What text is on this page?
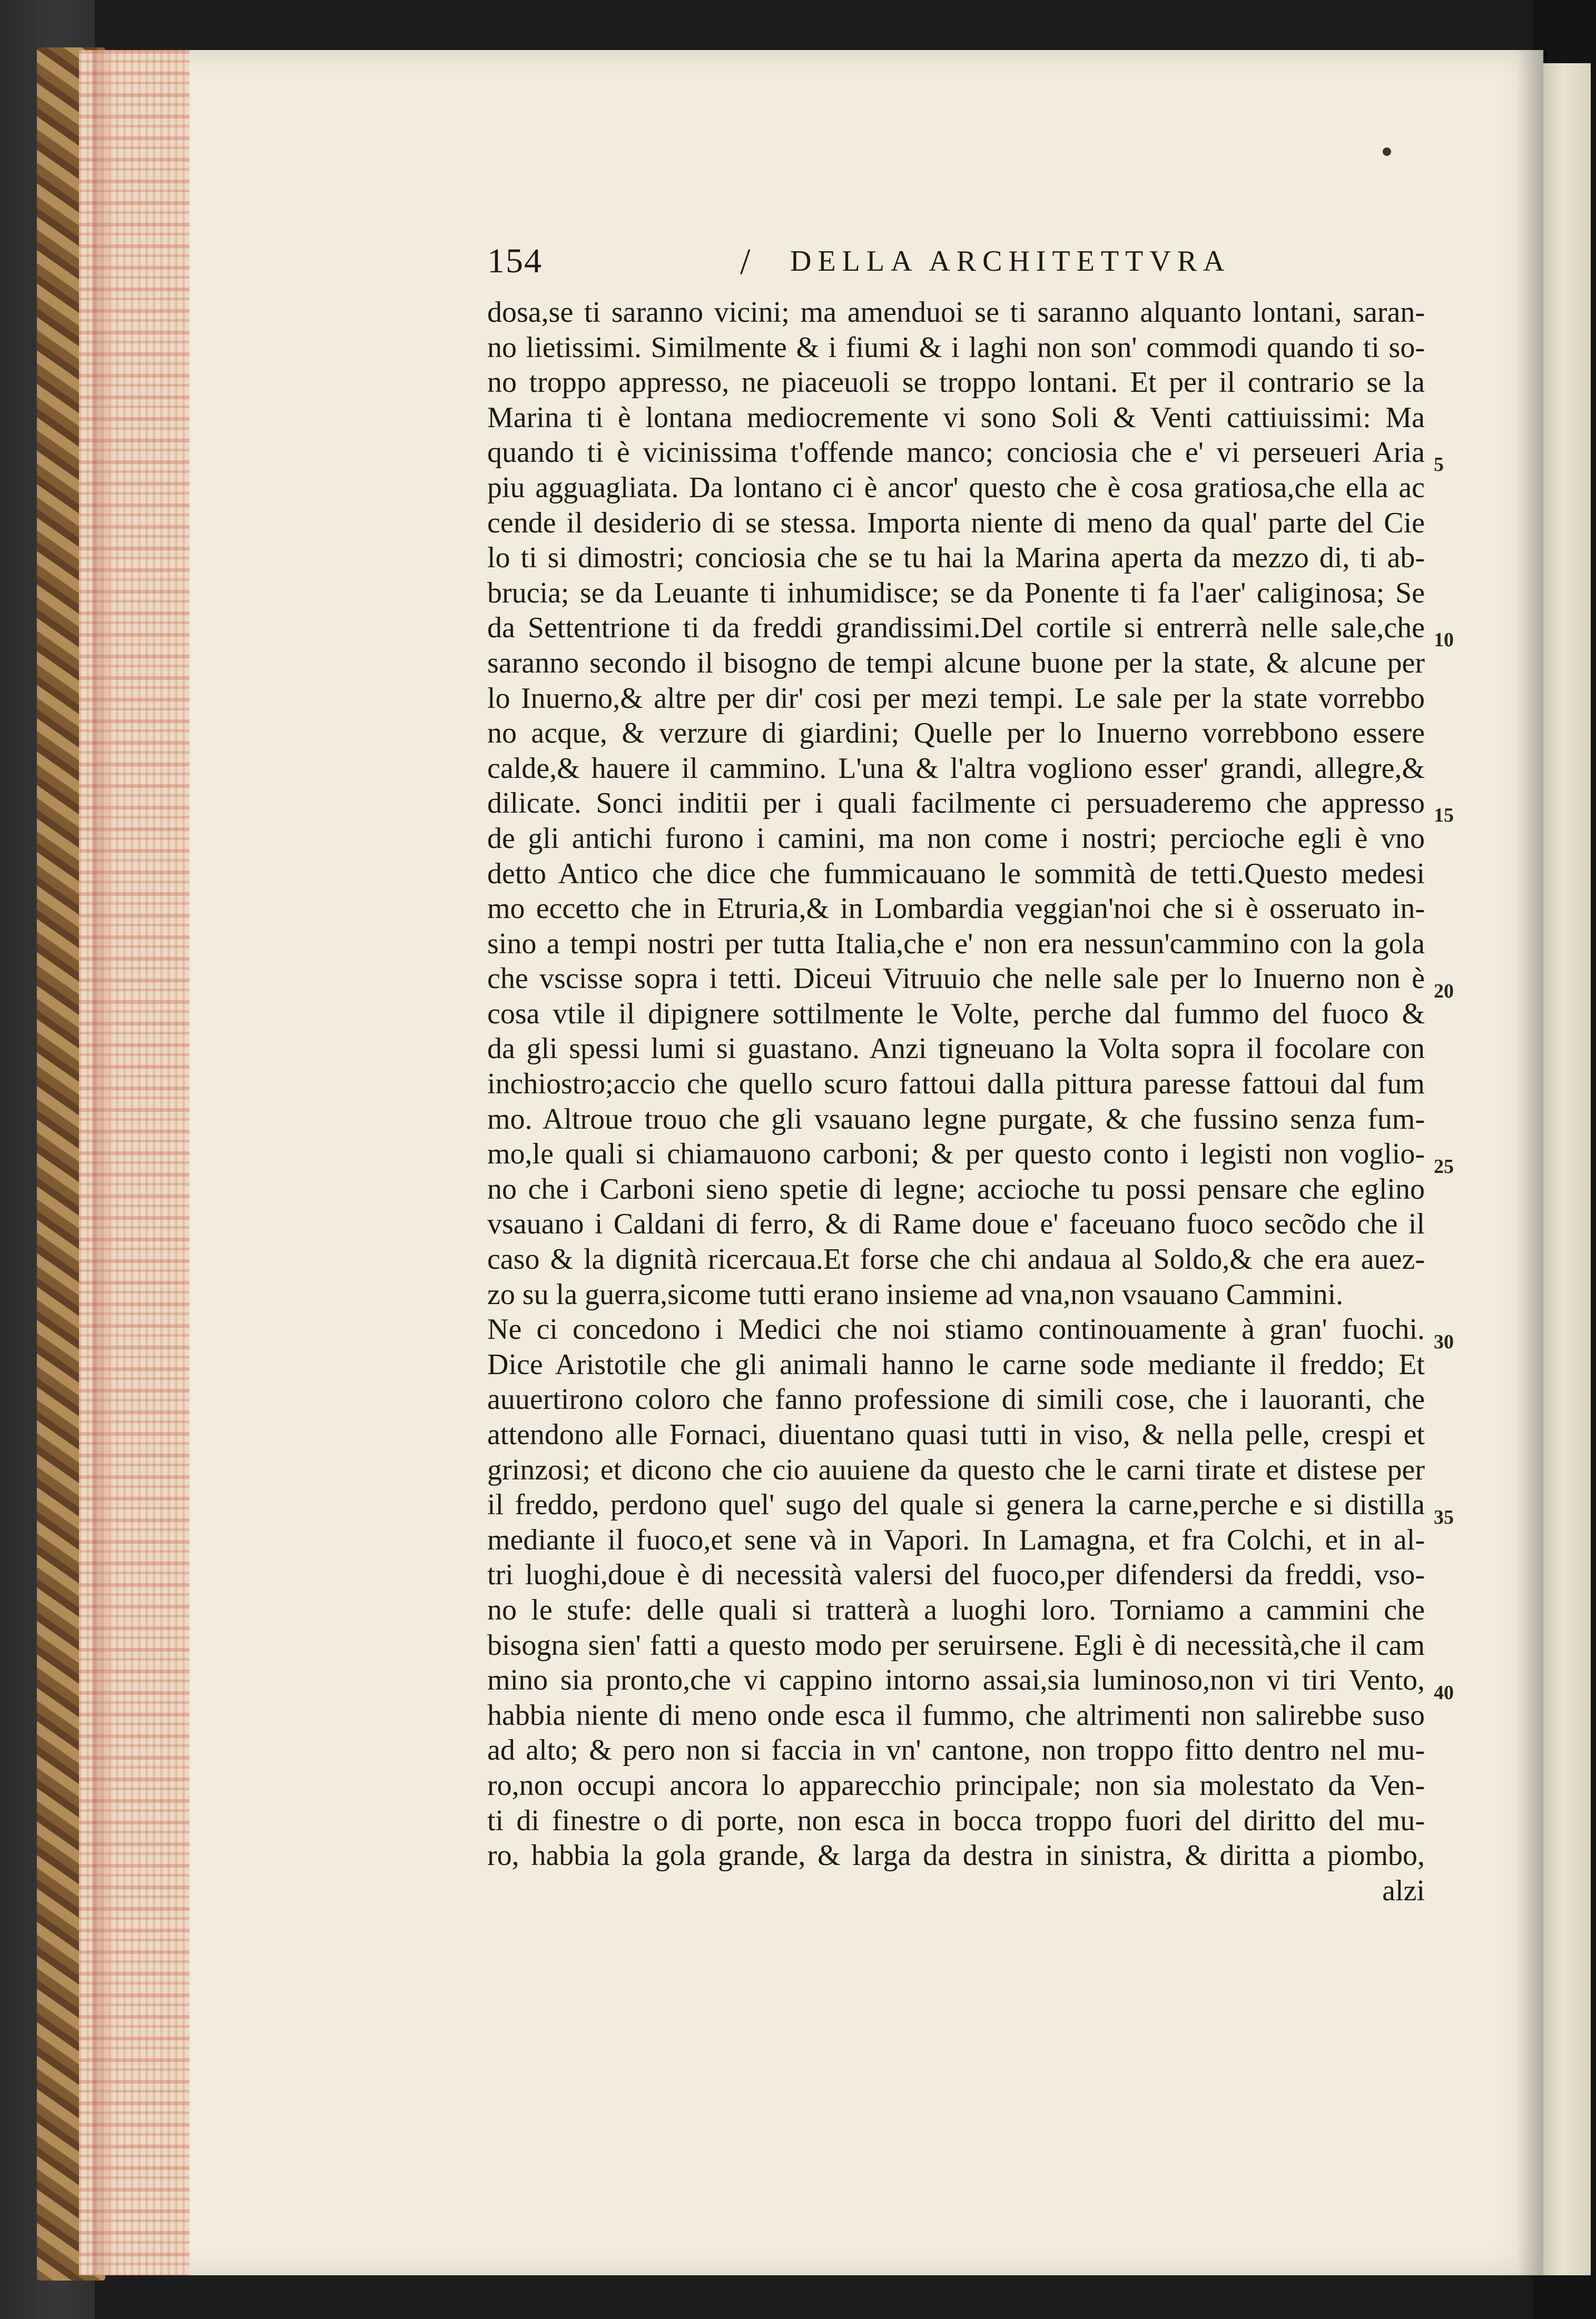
154	/ DELLA ARCHITETTVRA
dosa,se ti saranno vicini; ma amenduoi se ti saranno alquanto lontani, saran-
no lietissimi. Similmente & i fiumi & i laghi non son' commodi quando ti so-
no troppo appresso, ne piaceuoli se troppo lontani. Et per il contrario se la
Marina ti è lontana mediocremente vi sono Soli & Venti cattiuissimi: Ma
quando ti è vicinissima t'offende manco; conciosia che e' vi perseueri Aria
piu agguagliata. Da lontano ci è ancor' questo che è cosa gratiosa,che ella ac
cende il desiderio di se stessa. Importa niente di meno da qual' parte del Cie
lo ti si dimostri; conciosia che se tu hai la Marina aperta da mezzo di, ti ab-
brucia; se da Leuante ti inhumidisce; se da Ponente ti fa l'aer' caliginosa; Se
da Settentrione ti da freddi grandissimi.Del cortile si entrerrà nelle sale,che
saranno secondo il bisogno de tempi alcune buone per la state, & alcune per
lo Inuerno,& altre per dir' cosi per mezi tempi. Le sale per la state vorrebbo
no acque, & verzure di giardini; Quelle per lo Inuerno vorrebbono essere
calde,& hauere il cammino. L'una & l'altra vogliono esser' grandi, allegre,&
dilicate. Sonci inditii per i quali facilmente ci persuaderemo che appresso
de gli antichi furono i camini, ma non come i nostri; percioche egli è vno
detto Antico che dice che fummicauano le sommità de tetti.Questo medesi
mo eccetto che in Etruria,& in Lombardia veggian'noi che si è osseruato in-
sino a tempi nostri per tutta Italia,che e' non era nessun'cammino con la gola
che vscisse sopra i tetti. Diceui Vitruuio che nelle sale per lo Inuerno non è
cosa vtile il dipignere sottilmente le Volte, perche dal fummo del fuoco &
da gli spessi lumi si guastano. Anzi tigneuano la Volta sopra il focolare con
inchiostro;accio che quello scuro fattoui dalla pittura paresse fattoui dal fum
mo. Altroue trouo che gli vsauano legne purgate, & che fussino senza fum-
mo,le quali si chiamauono carboni; & per questo conto i legisti non voglio-
no che i Carboni sieno spetie di legne; accioche tu possi pensare che eglino
vsauano i Caldani di ferro, & di Rame doue e' faceuano fuoco secõdo che il
caso & la dignità ricercaua.Et forse che chi andaua al Soldo,& che era auez-
zo su la guerra,sicome tutti erano insieme ad vna,non vsauano Cammini.
Ne ci concedono i Medici che noi stiamo continouamente à gran' fuochi.
Dice Aristotile che gli animali hanno le carne sode mediante il freddo; Et
auuertirono coloro che fanno professione di simili cose, che i lauoranti, che
attendono alle Fornaci, diuentano quasi tutti in viso, & nella pelle, crespi et
grinzosi; et dicono che cio auuiene da questo che le carni tirate et distese per
il freddo, perdono quel' sugo del quale si genera la carne,perche e si distilla
mediante il fuoco,et sene và in Vapori. In Lamagna, et fra Colchi, et in al-
tri luoghi,doue è di necessità valersi del fuoco,per difendersi da freddi, vso-
no le stufe: delle quali si tratterà a luoghi loro. Torniamo a cammini che
bisogna sien' fatti a questo modo per seruirsene. Egli è di necessità,che il cam
mino sia pronto,che vi cappino intorno assai,sia luminoso,non vi tiri Vento,
habbia niente di meno onde esca il fummo, che altrimenti non salirebbe suso
ad alto; & pero non si faccia in vn' cantone, non troppo fitto dentro nel mu-
ro,non occupi ancora lo apparecchio principale; non sia molestato da Ven-
ti di finestre o di porte, non esca in bocca troppo fuori del diritto del mu-
ro, habbia la gola grande, & larga da destra in sinistra, & diritta a piombo,
alzi
5
10
15
20
25
30
35
40
